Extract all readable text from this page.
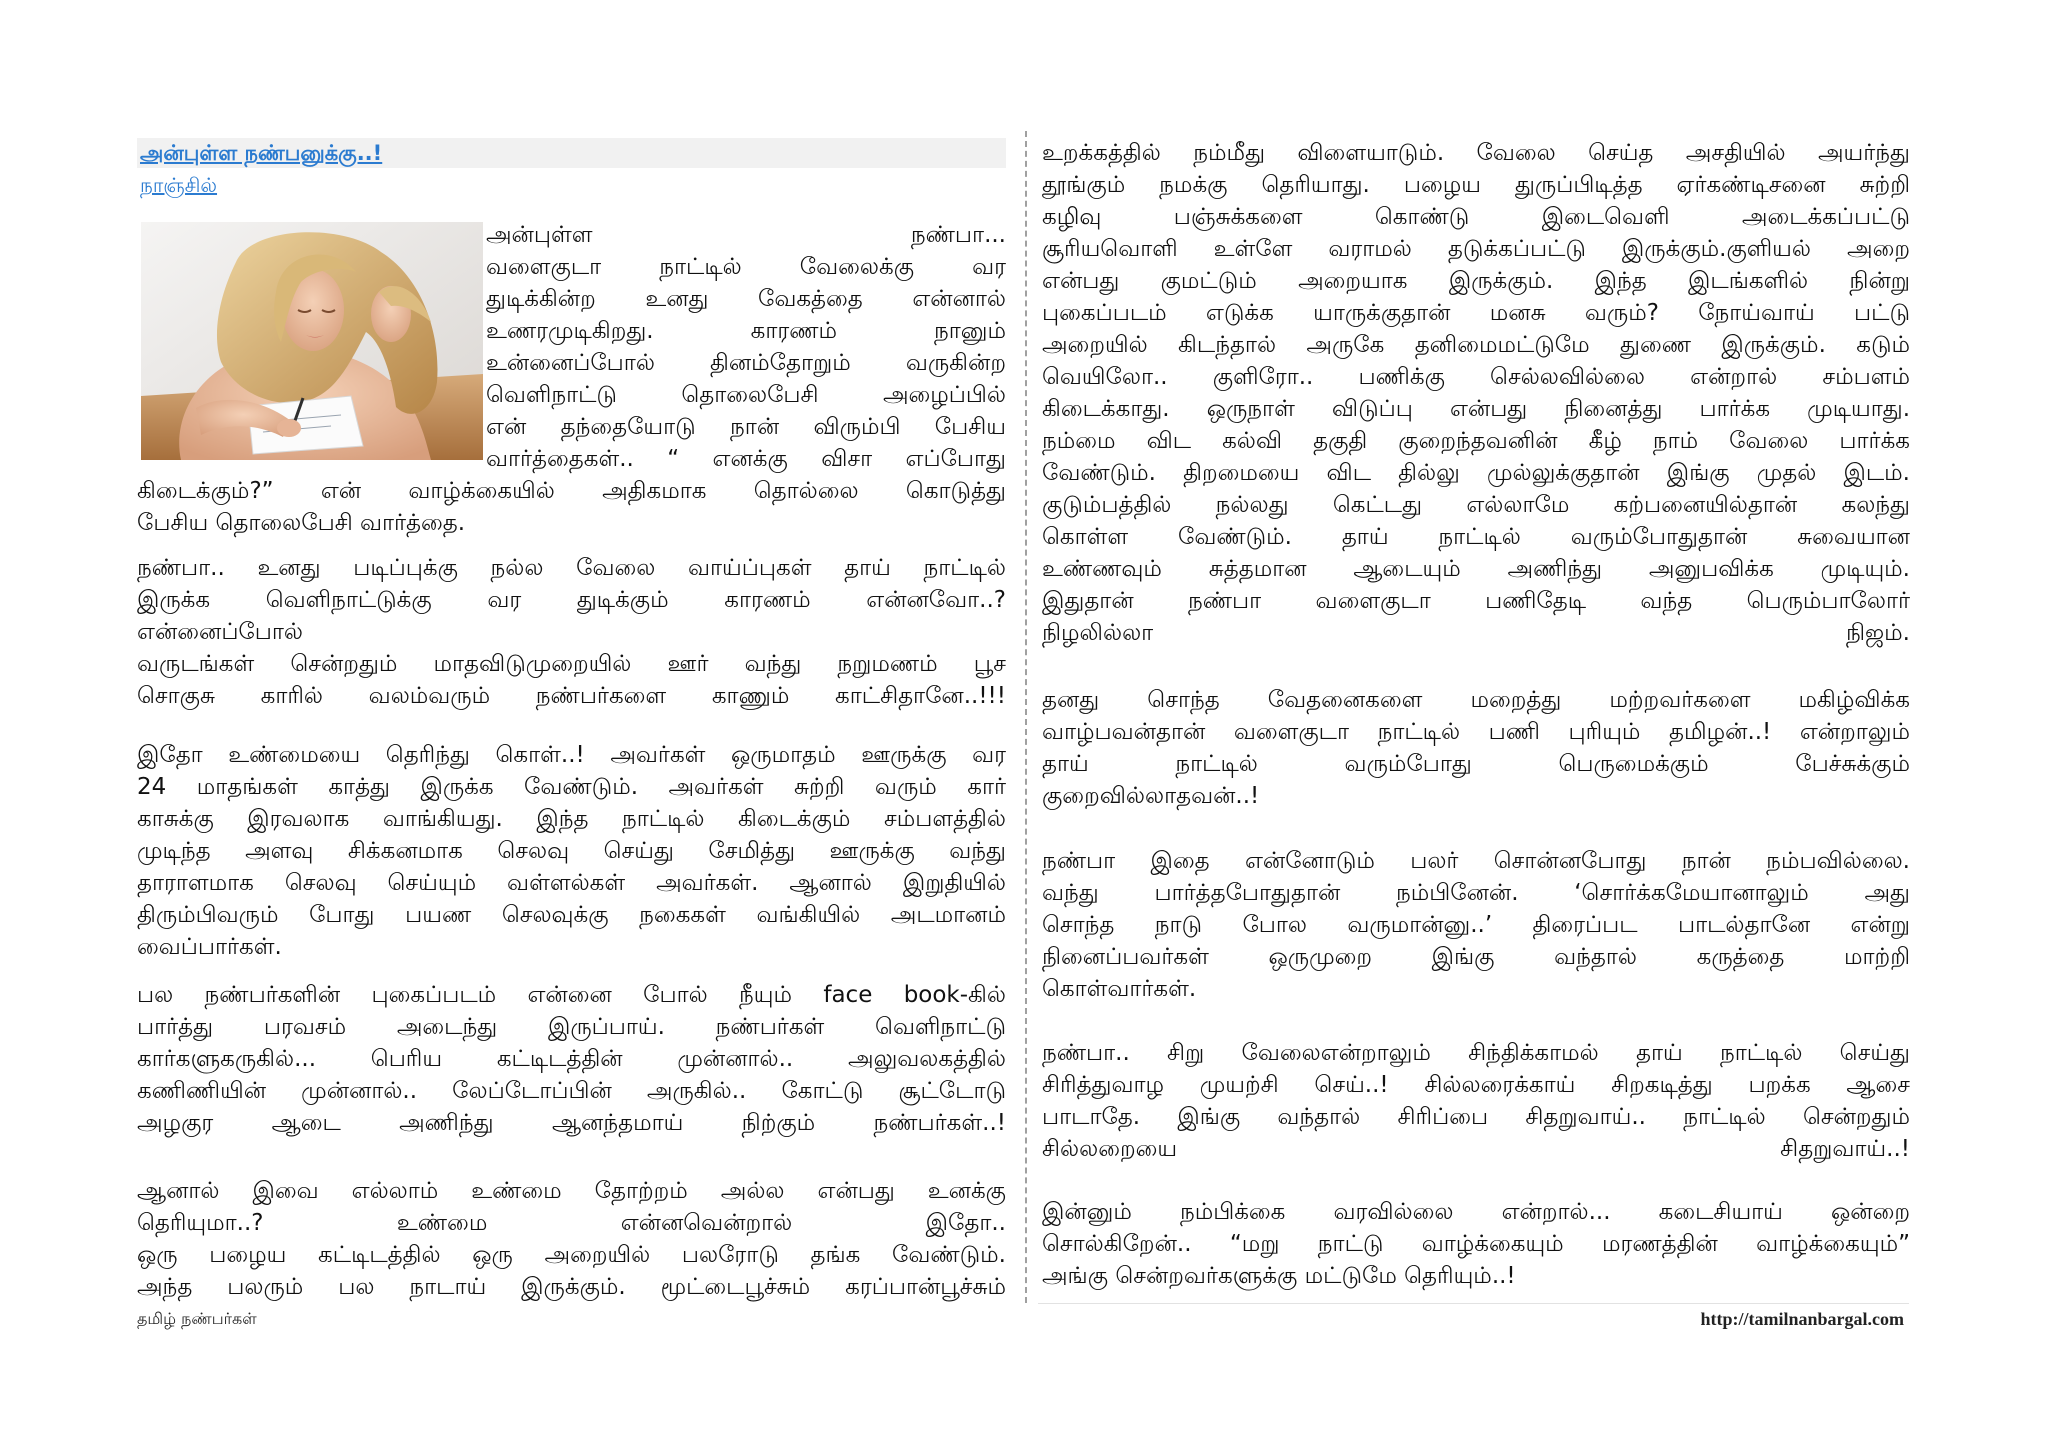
அன்புள்ள நண்பனுக்கு..!
நாஞ்சில்
அன்புள்ள நண்பா...
வளைகுடா நாட்டில் வேலைக்கு வர
துடிக்கின்ற உனது வேகத்தை என்னால்
உணரமுடிகிறது. காரணம் நானும்
உன்னைப்போல் தினம்தோறும் வருகின்ற
வெளிநாட்டு தொலைபேசி அழைப்பில்
என் தந்தையோடு நான் விரும்பி பேசிய
வார்த்தைகள்.. “ எனக்கு விசா எப்போது
கிடைக்கும்?” என் வாழ்க்கையில் அதிகமாக தொல்லை கொடுத்து
பேசிய தொலைபேசி வார்த்தை.
நண்பா.. உனது படிப்புக்கு நல்ல வேலை வாய்ப்புகள் தாய் நாட்டில்
இருக்க வெளிநாட்டுக்கு வர துடிக்கும் காரணம் என்னவோ..?
என்னைப்போல்
வருடங்கள் சென்றதும் மாதவிடுமுறையில் ஊர் வந்து நறுமணம் பூச
சொகுசு காரில் வலம்வரும் நண்பர்களை காணும் காட்சிதானே..!!!
இதோ உண்மையை தெரிந்து கொள்..! அவர்கள் ஒருமாதம் ஊருக்கு வர
24 மாதங்கள் காத்து இருக்க வேண்டும். அவர்கள் சுற்றி வரும் கார்
காசுக்கு இரவலாக வாங்கியது. இந்த நாட்டில் கிடைக்கும் சம்பளத்தில்
முடிந்த அளவு சிக்கனமாக செலவு செய்து சேமித்து ஊருக்கு வந்து
தாராளமாக செலவு செய்யும் வள்ளல்கள் அவர்கள். ஆனால் இறுதியில்
திரும்பிவரும் போது பயண செலவுக்கு நகைகள் வங்கியில் அடமானம்
வைப்பார்கள்.
பல நண்பர்களின் புகைப்படம் என்னை போல் நீயும் face book-கில்
பார்த்து பரவசம் அடைந்து இருப்பாய். நண்பர்கள் வெளிநாட்டு
கார்களுகருகில்... பெரிய கட்டிடத்தின் முன்னால்.. அலுவலகத்தில்
கணிணியின் முன்னால்.. லேப்டோப்பின் அருகில்.. கோட்டு சூட்டோடு
அழகுர ஆடை அணிந்து ஆனந்தமாய் நிற்கும் நண்பர்கள்..!
ஆனால் இவை எல்லாம் உண்மை தோற்றம் அல்ல என்பது உனக்கு
தெரியுமா..? உண்மை என்னவென்றால் இதோ..
ஒரு பழைய கட்டிடத்தில் ஒரு அறையில் பலரோடு தங்க வேண்டும்.
அந்த பலரும் பல நாடாய் இருக்கும். மூட்டைபூச்சும் கரப்பான்பூச்சும்
உறக்கத்தில் நம்மீது விளையாடும். வேலை செய்த அசதியில் அயர்ந்து
தூங்கும் நமக்கு தெரியாது. பழைய துருப்பிடித்த ஏர்கண்டிசனை சுற்றி
கழிவு பஞ்சுக்களை கொண்டு இடைவெளி அடைக்கப்பட்டு
சூரியவொளி உள்ளே வராமல் தடுக்கப்பட்டு இருக்கும்.குளியல் அறை
என்பது குமட்டும் அறையாக இருக்கும். இந்த இடங்களில் நின்று
புகைப்படம் எடுக்க யாருக்குதான் மனசு வரும்? நோய்வாய் பட்டு
அறையில் கிடந்தால் அருகே தனிமைமட்டுமே துணை இருக்கும். கடும்
வெயிலோ.. குளிரோ.. பணிக்கு செல்லவில்லை என்றால் சம்பளம்
கிடைக்காது. ஒருநாள் விடுப்பு என்பது நினைத்து பார்க்க முடியாது.
நம்மை விட கல்வி தகுதி குறைந்தவனின் கீழ் நாம் வேலை பார்க்க
வேண்டும். திறமையை விட தில்லு முல்லுக்குதான் இங்கு முதல் இடம்.
குடும்பத்தில் நல்லது கெட்டது எல்லாமே கற்பனையில்தான் கலந்து
கொள்ள வேண்டும். தாய் நாட்டில் வரும்போதுதான் சுவையான
உண்ணவும் சுத்தமான ஆடையும் அணிந்து அனுபவிக்க முடியும்.
இதுதான் நண்பா வளைகுடா பணிதேடி வந்த பெரும்பாலோர்
நிழலில்லா நிஜம்.
தனது சொந்த வேதனைகளை மறைத்து மற்றவர்களை மகிழ்விக்க
வாழ்பவன்தான் வளைகுடா நாட்டில் பணி புரியும் தமிழன்..! என்றாலும்
தாய் நாட்டில் வரும்போது பெருமைக்கும் பேச்சுக்கும்
குறைவில்லாதவன்..!
நண்பா இதை என்னோடும் பலர் சொன்னபோது நான் நம்பவில்லை.
வந்து பார்த்தபோதுதான் நம்பினேன். ‘சொர்க்கமேயானாலும் அது
சொந்த நாடு போல வருமான்னு..’ திரைப்பட பாடல்தானே என்று
நினைப்பவர்கள் ஒருமுறை இங்கு வந்தால் கருத்தை மாற்றி
கொள்வார்கள்.
நண்பா.. சிறு வேலைஎன்றாலும் சிந்திக்காமல் தாய் நாட்டில் செய்து
சிரித்துவாழ முயற்சி செய்..! சில்லரைக்காய் சிறகடித்து பறக்க ஆசை
பாடாதே. இங்கு வந்தால் சிரிப்பை சிதறுவாய்.. நாட்டில் சென்றதும்
சில்லறையை சிதறுவாய்..!
இன்னும் நம்பிக்கை வரவில்லை என்றால்... கடைசியாய் ஒன்றை
சொல்கிறேன்.. “மறு நாட்டு வாழ்க்கையும் மரணத்தின் வாழ்க்கையும்”
அங்கு சென்றவர்களுக்கு மட்டுமே தெரியும்..!
தமிழ் நண்பர்கள்	http://tamilnanbargal.com
